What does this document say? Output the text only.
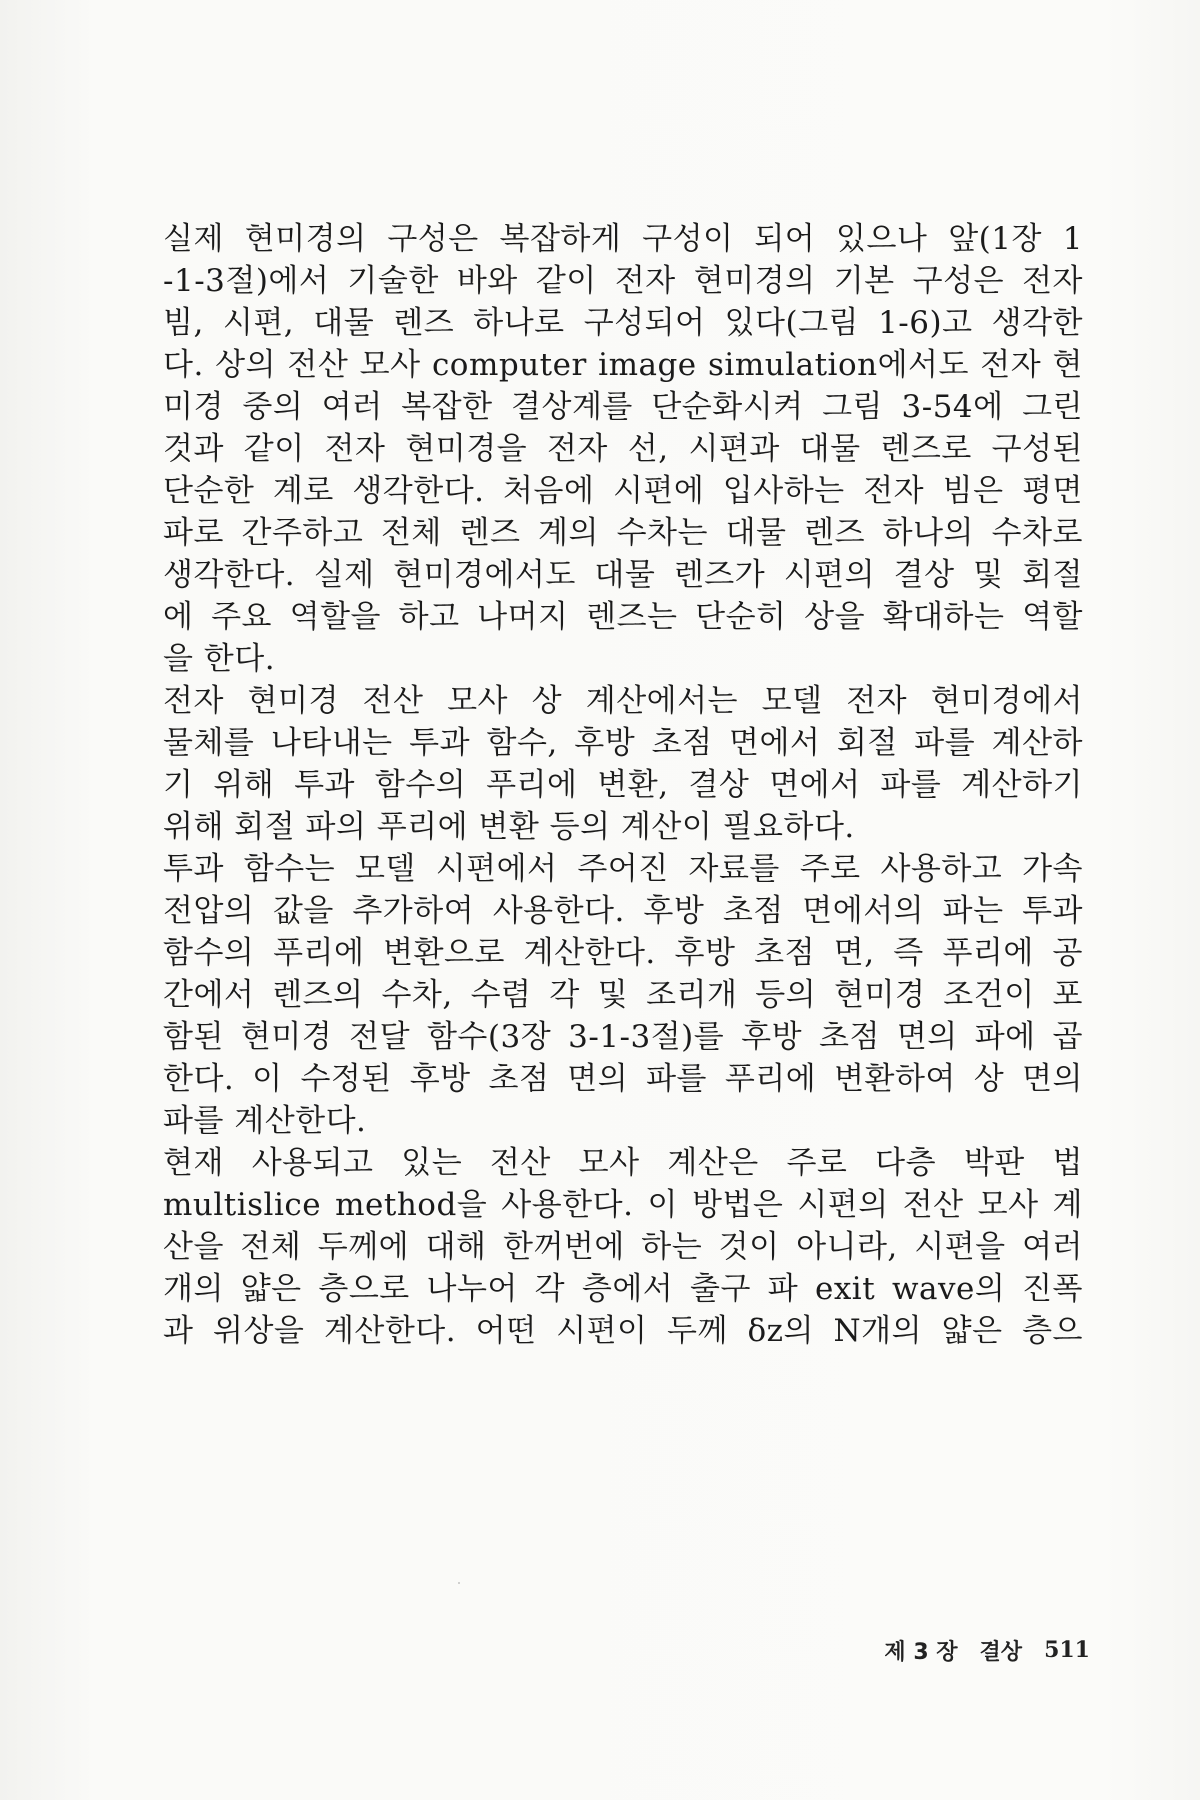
실제 현미경의 구성은 복잡하게 구성이 되어 있으나 앞(1장 1
-1-3절)에서 기술한 바와 같이 전자 현미경의 기본 구성은 전자
빔, 시편, 대물 렌즈 하나로 구성되어 있다(그림 1-6)고 생각한
다. 상의 전산 모사 computer image simulation에서도 전자 현
미경 중의 여러 복잡한 결상계를 단순화시켜 그림 3-54에 그린
것과 같이 전자 현미경을 전자 선, 시편과 대물 렌즈로 구성된
단순한 계로 생각한다. 처음에 시편에 입사하는 전자 빔은 평면
파로 간주하고 전체 렌즈 계의 수차는 대물 렌즈 하나의 수차로
생각한다. 실제 현미경에서도 대물 렌즈가 시편의 결상 및 회절
에 주요 역할을 하고 나머지 렌즈는 단순히 상을 확대하는 역할
을 한다.
전자 현미경 전산 모사 상 계산에서는 모델 전자 현미경에서
물체를 나타내는 투과 함수, 후방 초점 면에서 회절 파를 계산하
기 위해 투과 함수의 푸리에 변환, 결상 면에서 파를 계산하기
위해 회절 파의 푸리에 변환 등의 계산이 필요하다.
투과 함수는 모델 시편에서 주어진 자료를 주로 사용하고 가속
전압의 값을 추가하여 사용한다. 후방 초점 면에서의 파는 투과
함수의 푸리에 변환으로 계산한다. 후방 초점 면, 즉 푸리에 공
간에서 렌즈의 수차, 수렴 각 및 조리개 등의 현미경 조건이 포
함된 현미경 전달 함수(3장 3-1-3절)를 후방 초점 면의 파에 곱
한다. 이 수정된 후방 초점 면의 파를 푸리에 변환하여 상 면의
파를 계산한다.
현재 사용되고 있는 전산 모사 계산은 주로 다층 박판 법
multislice method을 사용한다. 이 방법은 시편의 전산 모사 계
산을 전체 두께에 대해 한꺼번에 하는 것이 아니라, 시편을 여러
개의 얇은 층으로 나누어 각 층에서 출구 파 exit wave의 진폭
과 위상을 계산한다. 어떤 시편이 두께 δz의 N개의 얇은 층으
제 3 장 결상 511
